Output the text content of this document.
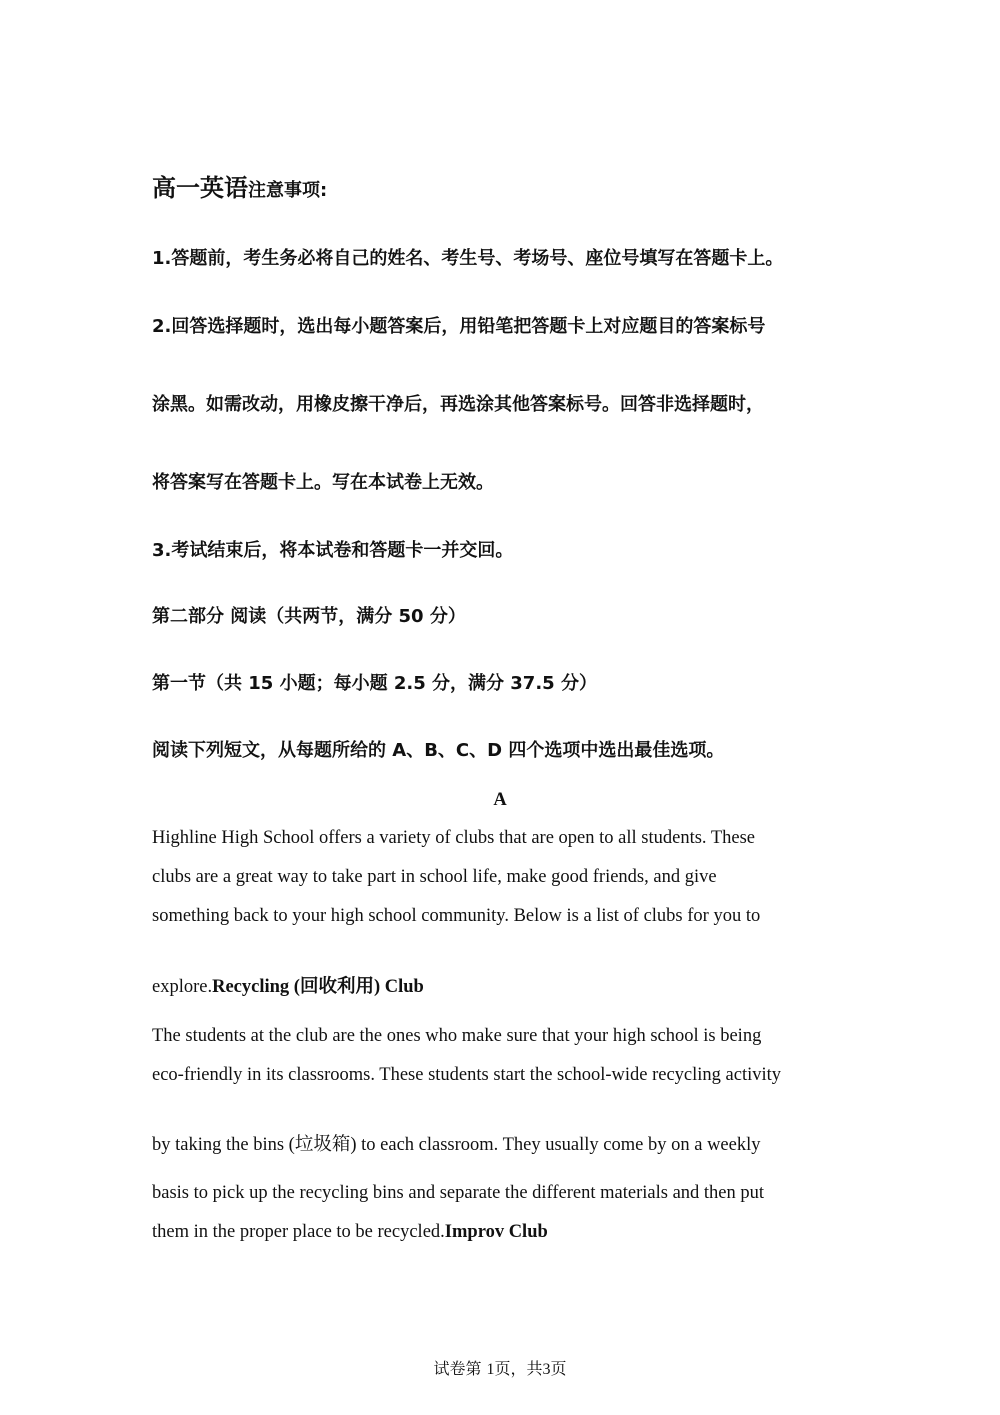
高一英语注意事项:
1.答题前，考生务必将自己的姓名、考生号、考场号、座位号填写在答题卡上。
2.回答选择题时，选出每小题答案后，用铅笔把答题卡上对应题目的答案标号
涂黑。如需改动，用橡皮擦干净后，再选涂其他答案标号。回答非选择题时，
将答案写在答题卡上。写在本试卷上无效。
3.考试结束后，将本试卷和答题卡一并交回。
第二部分 阅读（共两节，满分 50 分）
第一节（共 15 小题；每小题 2.5 分，满分 37.5 分）
阅读下列短文，从每题所给的 A、B、C、D 四个选项中选出最佳选项。
A
Highline High School offers a variety of clubs that are open to all students. These
clubs are a great way to take part in school life, make good friends, and give
something back to your high school community. Below is a list of clubs for you to
explore.Recycling (回收利用) Club
The students at the club are the ones who make sure that your high school is being
eco-friendly in its classrooms. These students start the school-wide recycling activity
by taking the bins (垃圾箱) to each classroom. They usually come by on a weekly
basis to pick up the recycling bins and separate the different materials and then put
them in the proper place to be recycled.Improv Club
试卷第 1页，共3页
